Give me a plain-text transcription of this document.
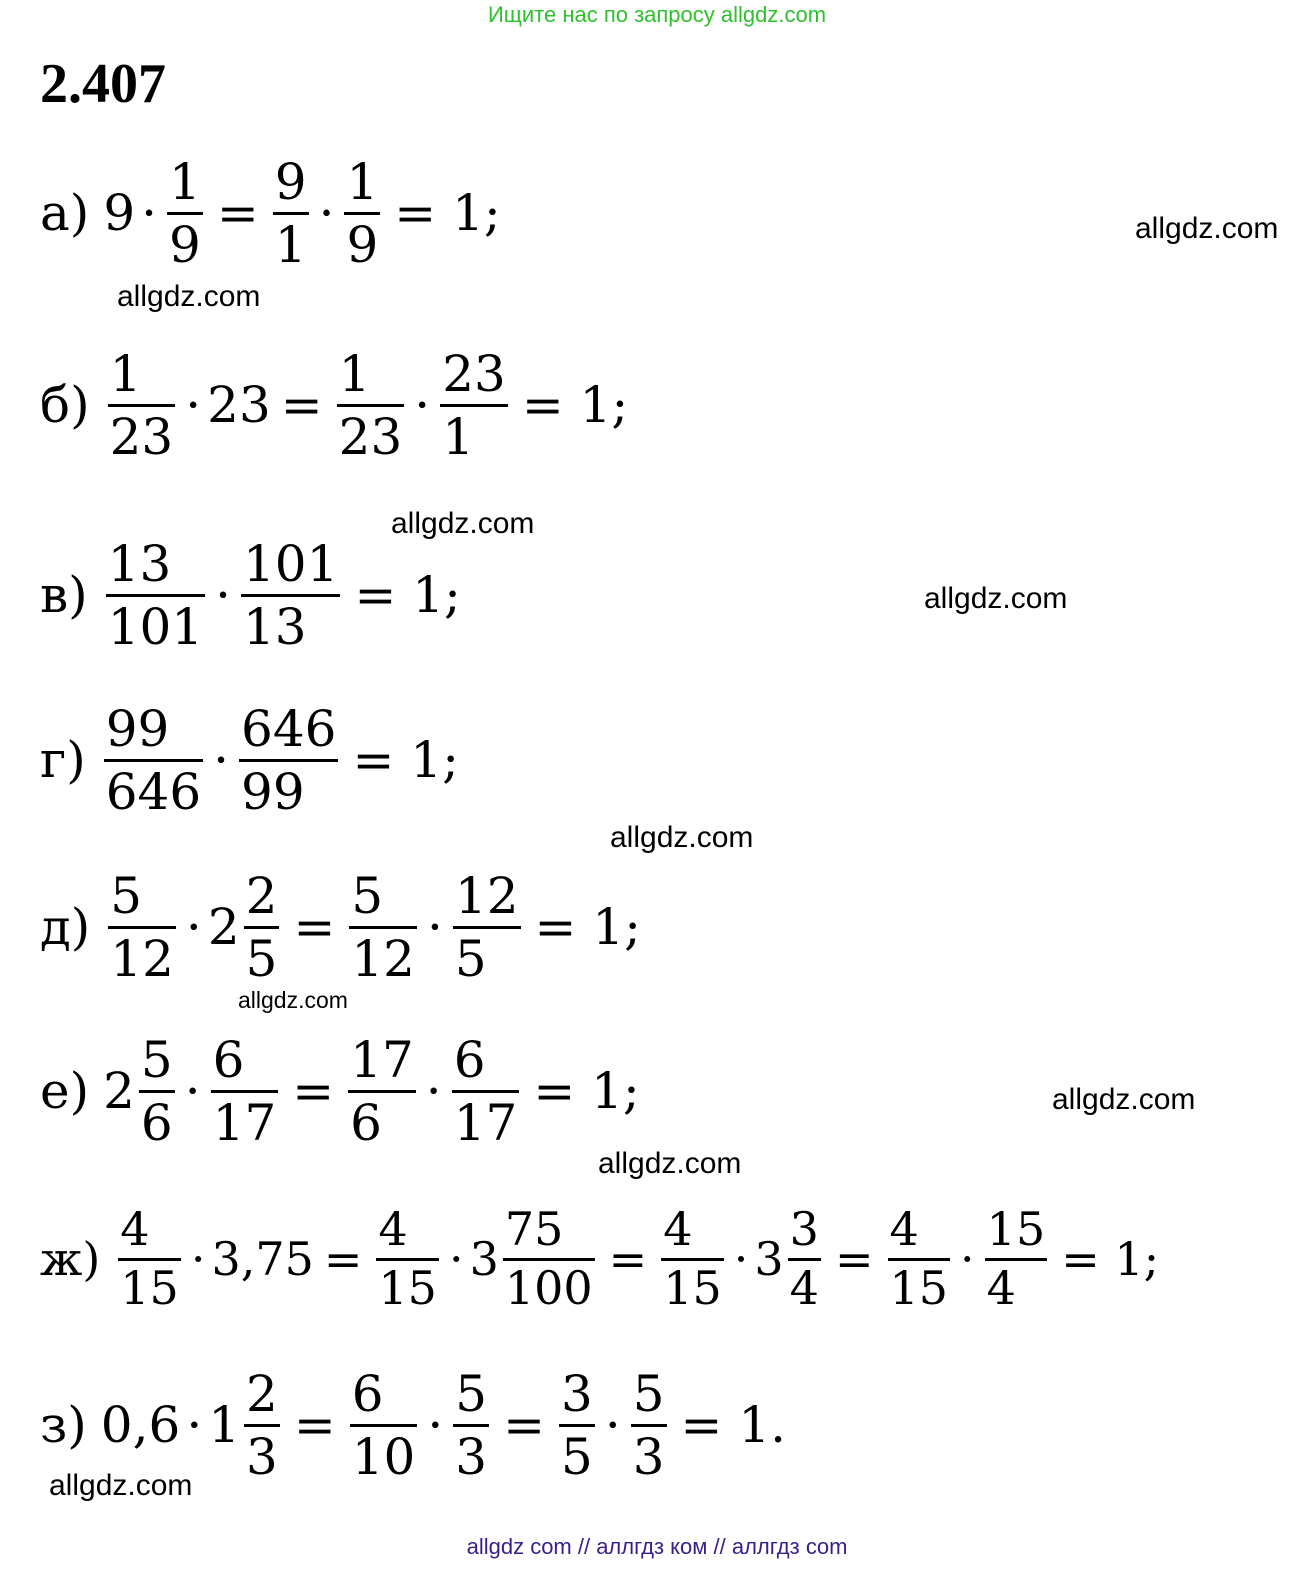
Ищите нас по запросу allgdz.com
2.407
а) $9 \cdot \frac{1}{9} = \frac{9}{1} \cdot \frac{1}{9} = 1$;
$б) \frac{1}{23} \cdot 23 = \frac{1}{23} \cdot \frac{23}{1} = 1$;
$в) \frac{13}{101} \cdot \frac{101}{13} = 1$;
$г) \frac{99}{646} \cdot \frac{646}{99} = 1$;
$д) \frac{5}{12} \cdot 2 \frac{2}{5} = \frac{5}{12} \cdot \frac{12}{5} = 1$;
е) $2 \frac{5}{6} \cdot \frac{6}{17} = \frac{17}{6} \cdot \frac{6}{17} = 1$;
$ж) \frac{4}{15} \cdot 3,75 = \frac{4}{15} \cdot 3 \frac{75}{100} = \frac{4}{15} \cdot 3 \frac{3}{4} = \frac{4}{15} \cdot \frac{15}{4} = 1$;
з) $0,6 \cdot 1 \frac{2}{3} = \frac{6}{10} \cdot \frac{5}{3} = \frac{3}{5} \cdot \frac{5}{3} = 1$.
allgdz.com
allgdz.com
allgdz.com
allgdz.com
allgdz.com
allgdz.com
allgdz.com
allgdz.com
allgdz.com
allgdz com // аллгдз ком // аллгдз com
